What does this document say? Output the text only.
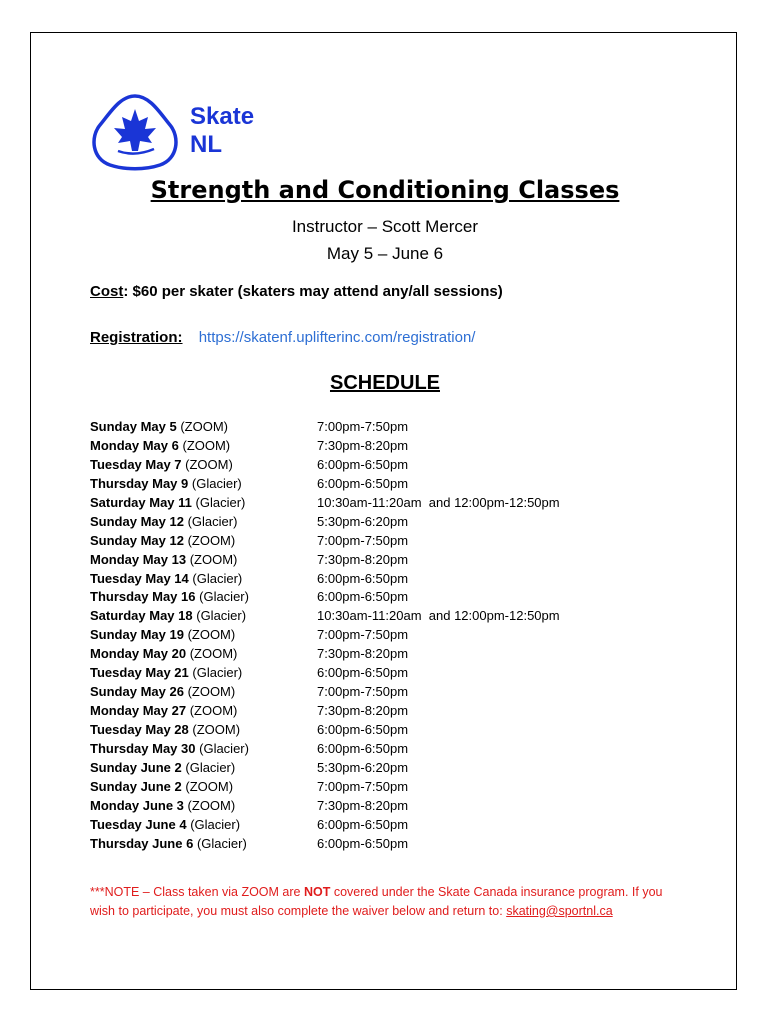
Skate
NL
Strength and Conditioning Classes
Instructor – Scott Mercer
May 5 – June 6
Cost: $60 per skater (skaters may attend any/all sessions)
Registration: https://skatenf.uplifterinc.com/registration/
SCHEDULE
Sunday May 5 (ZOOM)	7:00pm-7:50pm
Monday May 6 (ZOOM)	7:30pm-8:20pm
Tuesday May 7 (ZOOM)	6:00pm-6:50pm
Thursday May 9 (Glacier)	6:00pm-6:50pm
Saturday May 11 (Glacier)	10:30am-11:20am  and 12:00pm-12:50pm
Sunday May 12 (Glacier)	5:30pm-6:20pm
Sunday May 12 (ZOOM)	7:00pm-7:50pm
Monday May 13 (ZOOM)	7:30pm-8:20pm
Tuesday May 14 (Glacier)	6:00pm-6:50pm
Thursday May 16 (Glacier)	6:00pm-6:50pm
Saturday May 18 (Glacier)	10:30am-11:20am  and 12:00pm-12:50pm
Sunday May 19 (ZOOM)	7:00pm-7:50pm
Monday May 20 (ZOOM)	7:30pm-8:20pm
Tuesday May 21 (Glacier)	6:00pm-6:50pm
Sunday May 26 (ZOOM)	7:00pm-7:50pm
Monday May 27 (ZOOM)	7:30pm-8:20pm
Tuesday May 28 (ZOOM)	6:00pm-6:50pm
Thursday May 30 (Glacier)	6:00pm-6:50pm
Sunday June 2 (Glacier)	5:30pm-6:20pm
Sunday June 2 (ZOOM)	7:00pm-7:50pm
Monday June 3 (ZOOM)	7:30pm-8:20pm
Tuesday June 4 (Glacier)	6:00pm-6:50pm
Thursday June 6 (Glacier)	6:00pm-6:50pm
***NOTE – Class taken via ZOOM are NOT covered under the Skate Canada insurance program. If you wish to participate, you must also complete the waiver below and return to: skating@sportnl.ca
